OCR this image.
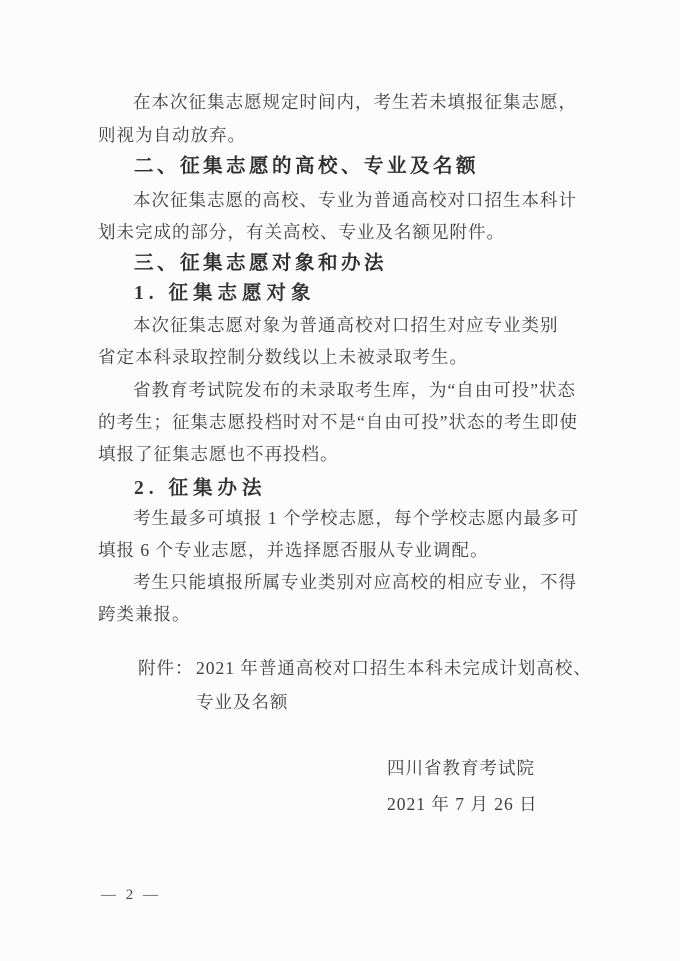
在本次征集志愿规定时间内，考生若未填报征集志愿，
则视为自动放弃。
二、征集志愿的高校、专业及名额
本次征集志愿的高校、专业为普通高校对口招生本科计
划未完成的部分，有关高校、专业及名额见附件。
三、征集志愿对象和办法
1. 征集志愿对象
本次征集志愿对象为普通高校对口招生对应专业类别
省定本科录取控制分数线以上未被录取考生。
省教育考试院发布的未录取考生库，为“自由可投”状态
的考生；征集志愿投档时对不是“自由可投”状态的考生即使
填报了征集志愿也不再投档。
2. 征集办法
考生最多可填报 1 个学校志愿，每个学校志愿内最多可
填报 6 个专业志愿，并选择愿否服从专业调配。
考生只能填报所属专业类别对应高校的相应专业，不得
跨类兼报。
附件： 2021 年普通高校对口招生本科未完成计划高校、
专业及名额
四川省教育考试院
2021 年 7 月 26 日
— 2 —
